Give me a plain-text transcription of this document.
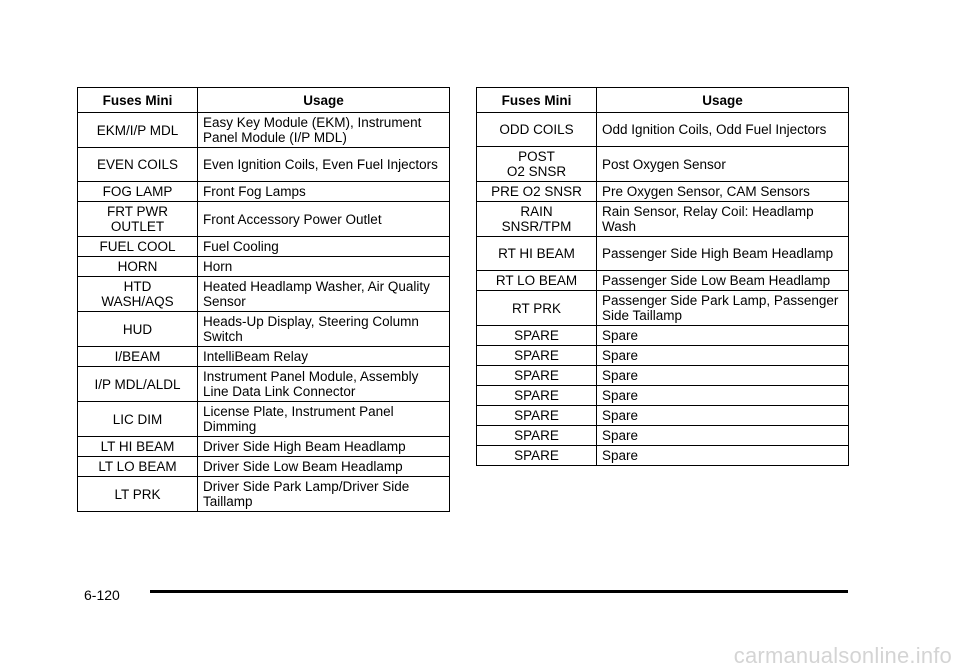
Fuses Mini	Usage
EKM/I/P MDL	Easy Key Module (EKM), Instrument Panel Module (I/P MDL)
EVEN COILS	Even Ignition Coils, Even Fuel Injectors
FOG LAMP	Front Fog Lamps
FRT PWR
OUTLET	Front Accessory Power Outlet
FUEL COOL	Fuel Cooling
HORN	Horn
HTD
WASH/AQS	Heated Headlamp Washer, Air Quality Sensor
HUD	Heads-Up Display, Steering Column Switch
I/BEAM	IntelliBeam Relay
I/P MDL/ALDL	Instrument Panel Module, Assembly Line Data Link Connector
LIC DIM	License Plate, Instrument Panel Dimming
LT HI BEAM	Driver Side High Beam Headlamp
LT LO BEAM	Driver Side Low Beam Headlamp
LT PRK	Driver Side Park Lamp/Driver Side Taillamp
Fuses Mini	Usage
ODD COILS	Odd Ignition Coils, Odd Fuel Injectors
POST
O2 SNSR	Post Oxygen Sensor
PRE O2 SNSR	Pre Oxygen Sensor, CAM Sensors
RAIN
SNSR/TPM	Rain Sensor, Relay Coil: Headlamp Wash
RT HI BEAM	Passenger Side High Beam Headlamp
RT LO BEAM	Passenger Side Low Beam Headlamp
RT PRK	Passenger Side Park Lamp, Passenger Side Taillamp
SPARE	Spare
SPARE	Spare
SPARE	Spare
SPARE	Spare
SPARE	Spare
SPARE	Spare
SPARE	Spare
6-120
carmanualsonline.info
